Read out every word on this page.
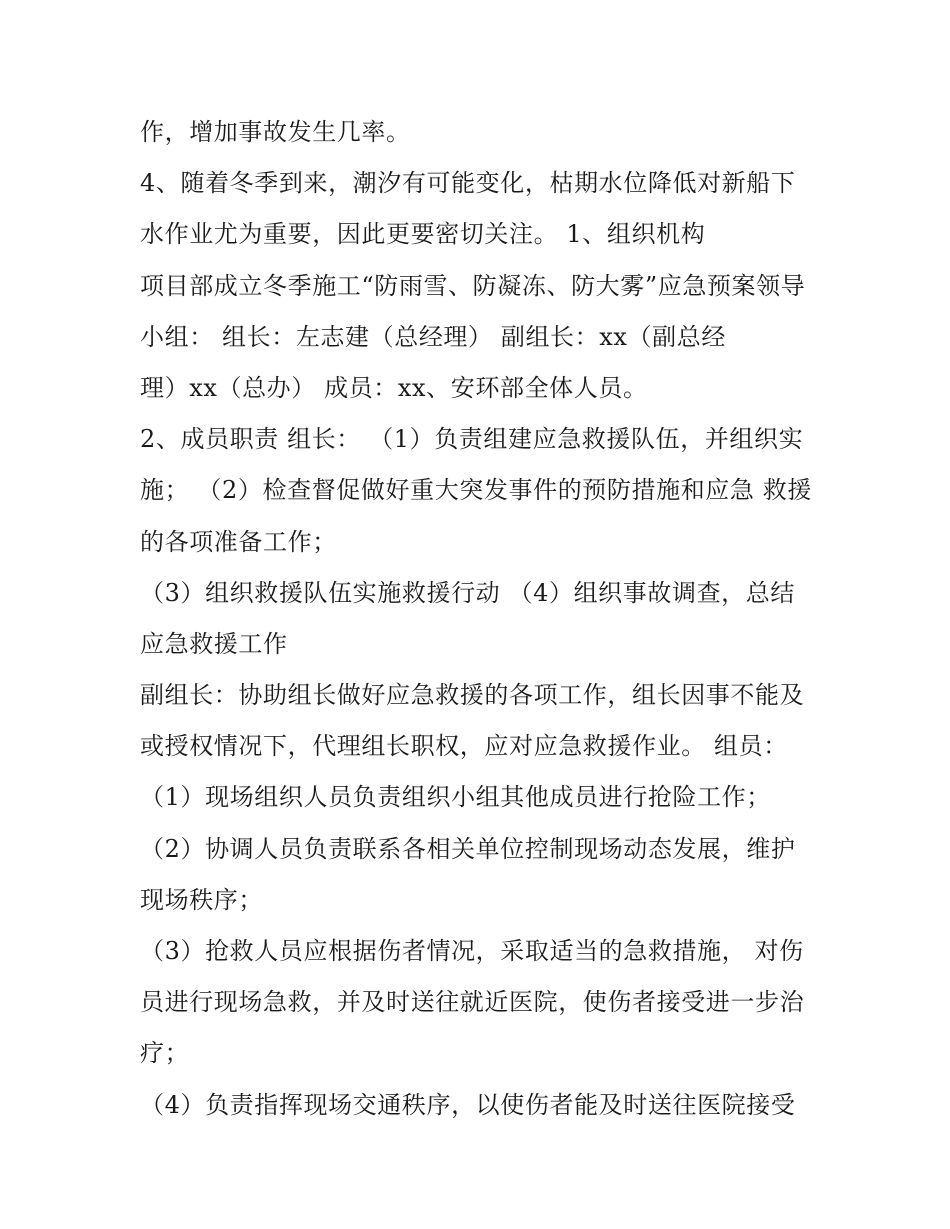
作，增加事故发生几率。
4、随着冬季到来，潮汐有可能变化，枯期水位降低对新船下
水作业尤为重要，因此更要密切关注。 1、组织机构
项目部成立冬季施工“防雨雪、防凝冻、防大雾”应急预案领导
小组： 组长：左志建（总经理） 副组长：xx（副总经
理）xx（总办） 成员：xx、安环部全体人员。
2、成员职责 组长： （1）负责组建应急救援队伍，并组织实
施； （2）检查督促做好重大突发事件的预防措施和应急 救援
的各项准备工作；
（3）组织救援队伍实施救援行动 （4）组织事故调查，总结
应急救援工作
副组长：协助组长做好应急救援的各项工作，组长因事不能及
或授权情况下，代理组长职权，应对应急救援作业。 组员：
（1）现场组织人员负责组织小组其他成员进行抢险工作；
（2）协调人员负责联系各相关单位控制现场动态发展，维护
现场秩序；
（3）抢救人员应根据伤者情况，采取适当的急救措施， 对伤
员进行现场急救，并及时送往就近医院，使伤者接受进一步治
疗；
（4）负责指挥现场交通秩序，以使伤者能及时送往医院接受
